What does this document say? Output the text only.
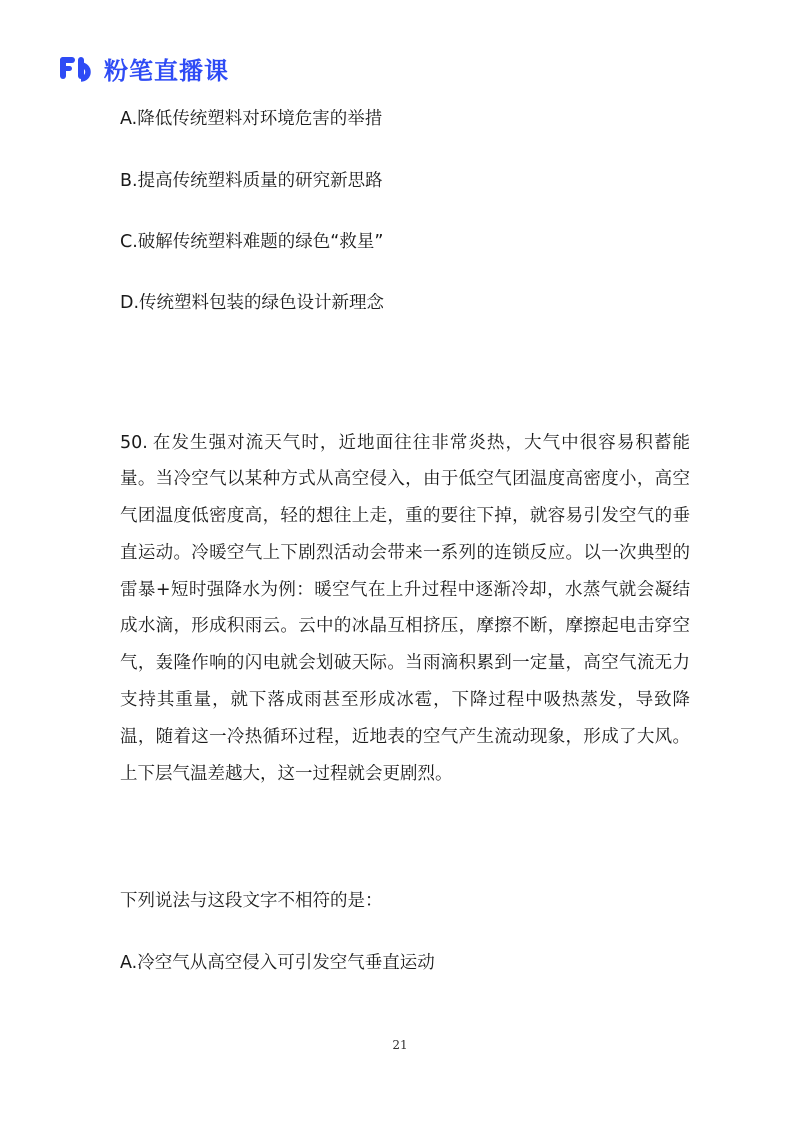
粉笔直播课

A.降低传统塑料对环境危害的举措

B.提高传统塑料质量的研究新思路

C.破解传统塑料难题的绿色“救星”

D.传统塑料包装的绿色设计新理念

50. 在发生强对流天气时，近地面往往非常炎热，大气中很容易积蓄能量。当冷空气以某种方式从高空侵入，由于低空气团温度高密度小，高空气团温度低密度高，轻的想往上走，重的要往下掉，就容易引发空气的垂直运动。冷暖空气上下剧烈活动会带来一系列的连锁反应。以一次典型的雷暴+短时强降水为例：暖空气在上升过程中逐渐冷却，水蒸气就会凝结成水滴，形成积雨云。云中的冰晶互相挤压，摩擦不断，摩擦起电击穿空气，轰隆作响的闪电就会划破天际。当雨滴积累到一定量，高空气流无力支持其重量，就下落成雨甚至形成冰雹，下降过程中吸热蒸发，导致降温，随着这一冷热循环过程，近地表的空气产生流动现象，形成了大风。上下层气温差越大，这一过程就会更剧烈。

下列说法与这段文字不相符的是：

A.冷空气从高空侵入可引发空气垂直运动

21
